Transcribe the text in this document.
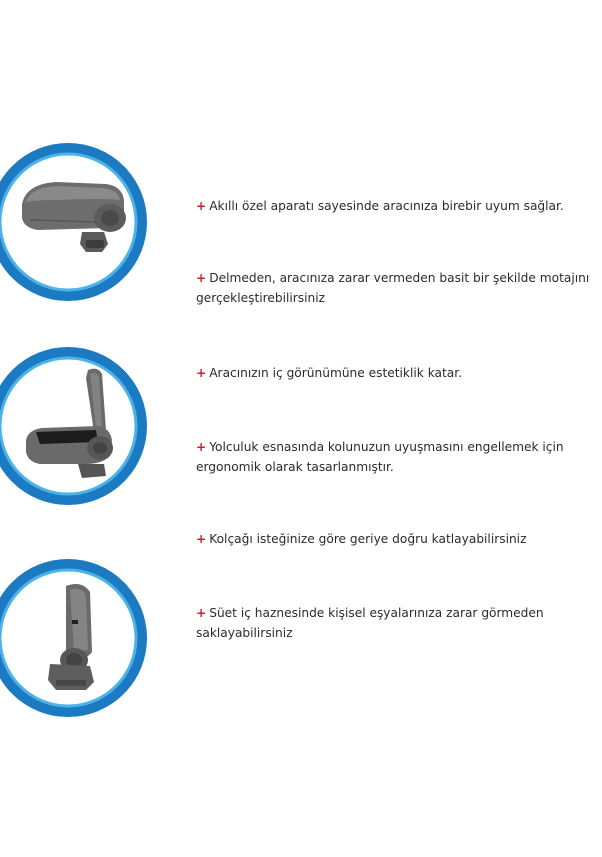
+ Akıllı özel aparatı sayesinde aracınıza birebir uyum sağlar.
+ Delmeden, aracınıza zarar vermeden basit bir şekilde motajını gerçekleştirebilirsiniz
+ Aracınızın iç görünümüne estetiklik katar.
+ Yolculuk esnasında kolunuzun uyuşmasını engellemek için ergonomik olarak tasarlanmıştır.
+ Kolçağı isteğinize göre geriye doğru katlayabilirsiniz
+ Süet iç haznesinde kişisel eşyalarınıza zarar görmeden saklayabilirsiniz
